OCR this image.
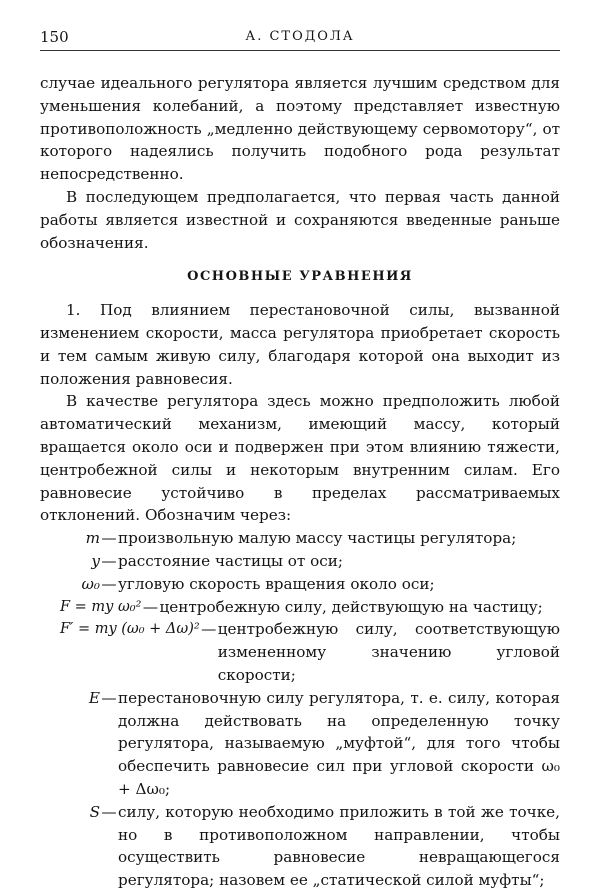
150	А. СТОДОЛА

случае идеального регулятора является лучшим средством для уменьшения колебаний, а поэтому представляет известную противоположность „медленно действующему сервомотору“, от которого надеялись получить подобного рода результат непосредственно.

В последующем предполагается, что первая часть данной работы является известной и сохраняются введенные раньше обозначения.

ОСНОВНЫЕ УРАВНЕНИЯ

1. Под влиянием перестановочной силы, вызванной изменением скорости, масса регулятора приобретает скорость и тем самым живую силу, благодаря которой она выходит из положения равновесия.

В качестве регулятора здесь можно предположить любой автоматический механизм, имеющий массу, который вращается около оси и подвержен при этом влиянию тяжести, центробежной силы и некоторым внутренним силам. Его равновесие устойчиво в пределах рассматриваемых отклонений. Обозначим через:

m — произвольную малую массу частицы регулятора;
y — расстояние частицы от оси;
ω₀ — угловую скорость вращения около оси;
F = my ω₀² — центробежную силу, действующую на частицу;
F′ = my (ω₀ + Δω)² — центробежную силу, соответствующую измененному значению угловой скорости;
E — перестановочную силу регулятора, т. е. силу, которая должна действовать на определенную точку регулятора, называемую „муфтой“, для того чтобы обеспечить равновесие сил при угловой скорости ω₀ + Δω₀;
S — силу, которую необходимо приложить в той же точке, но в противоположном направлении, чтобы осуществить равновесие невращающегося регулятора; назовем ее „статической силой муфты“;
